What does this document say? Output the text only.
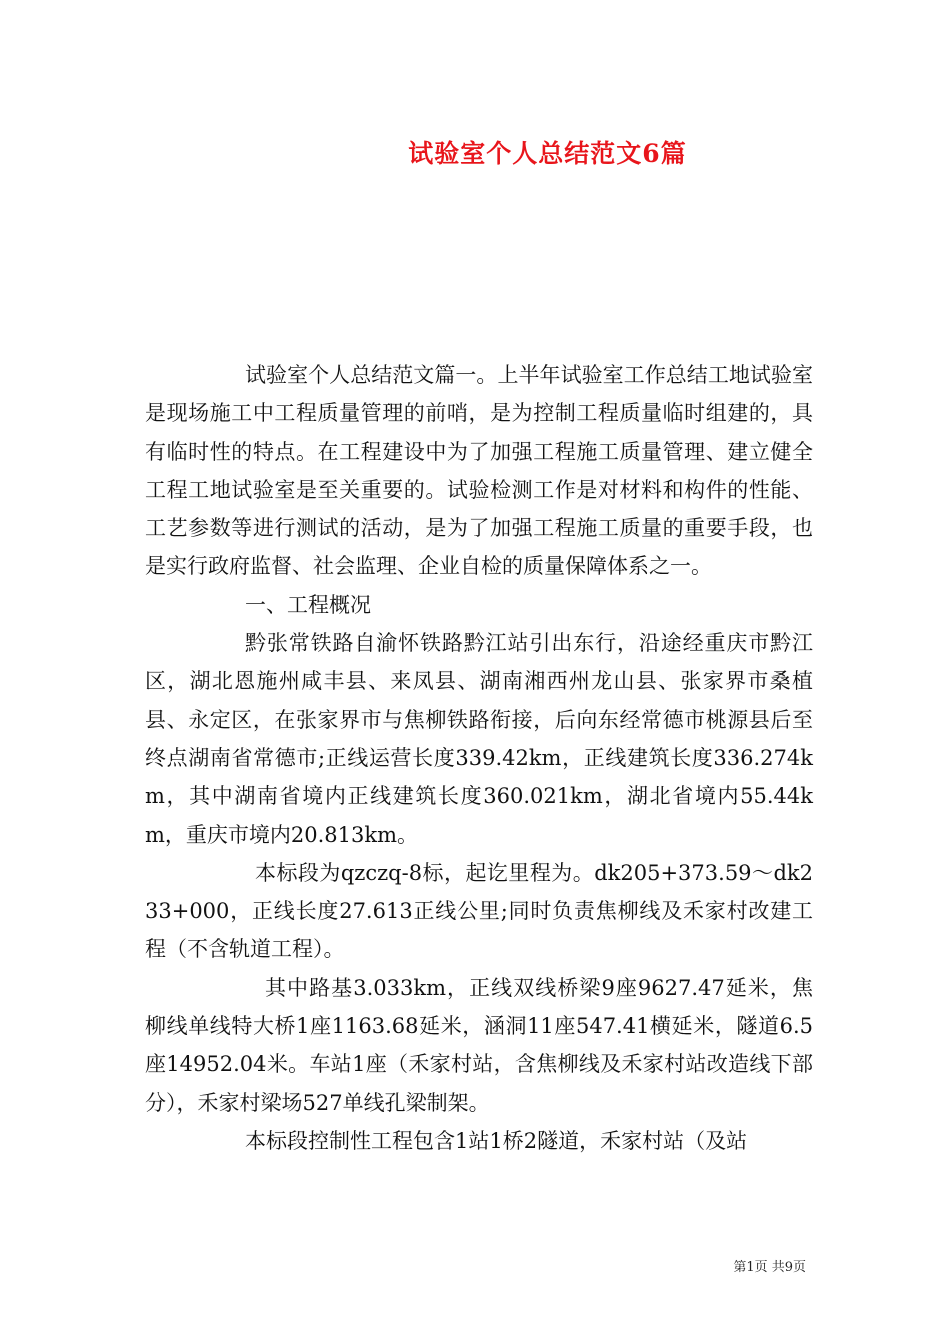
试验室个人总结范文6篇

试验室个人总结范文篇一。上半年试验室工作总结工地试验室是现场施工中工程质量管理的前哨，是为控制工程质量临时组建的，具有临时性的特点。在工程建设中为了加强工程施工质量管理、建立健全工程工地试验室是至关重要的。试验检测工作是对材料和构件的性能、工艺参数等进行测试的活动，是为了加强工程施工质量的重要手段，也是实行政府监督、社会监理、企业自检的质量保障体系之一。

一、工程概况

黔张常铁路自渝怀铁路黔江站引出东行，沿途经重庆市黔江区，湖北恩施州咸丰县、来凤县、湖南湘西州龙山县、张家界市桑植县、永定区，在张家界市与焦柳铁路衔接，后向东经常德市桃源县后至终点湖南省常德市;正线运营长度339.42km，正线建筑长度336.274km，其中湖南省境内正线建筑长度360.021km，湖北省境内55.44km，重庆市境内20.813km。

本标段为qzczq-8标，起讫里程为。dk205+373.59～dk233+000，正线长度27.613正线公里;同时负责焦柳线及禾家村改建工程（不含轨道工程）。

其中路基3.033km，正线双线桥梁9座9627.47延米，焦柳线单线特大桥1座1163.68延米，涵洞11座547.41横延米，隧道6.5座14952.04米。车站1座（禾家村站，含焦柳线及禾家村站改造线下部分），禾家村梁场527单线孔梁制架。

本标段控制性工程包含1站1桥2隧道，禾家村站（及站

第1页 共9页
